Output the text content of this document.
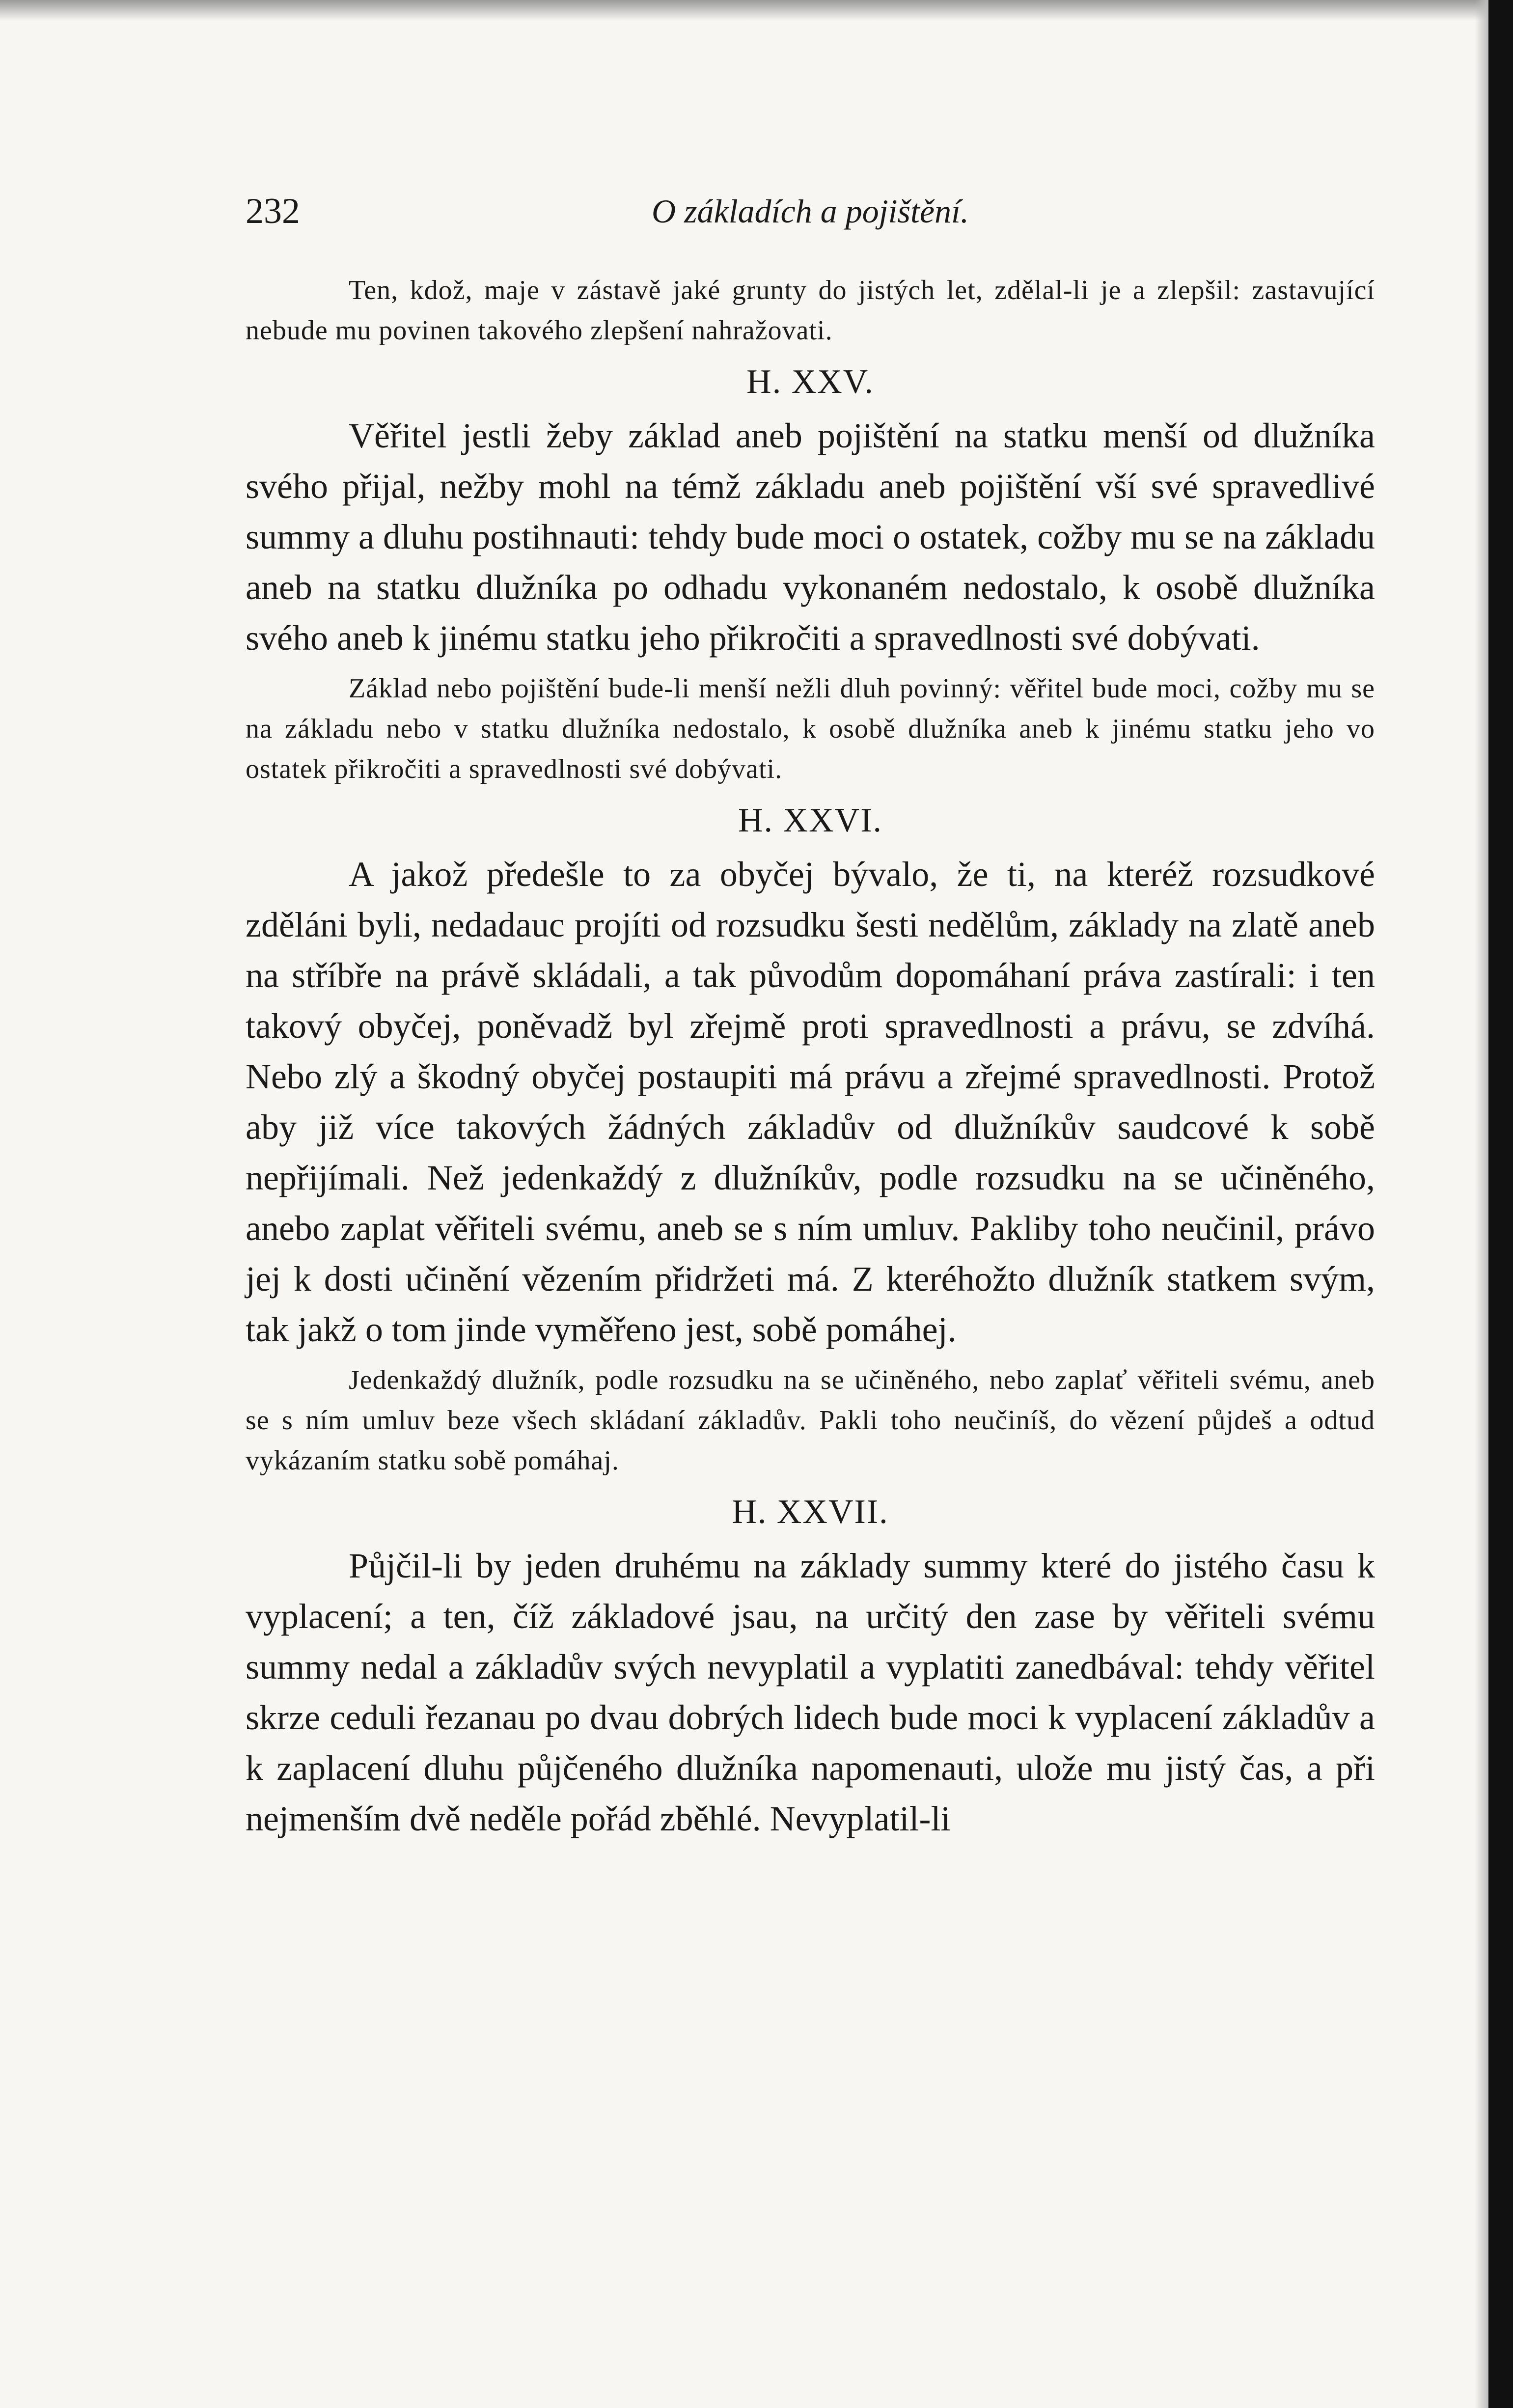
232	O základích a pojištění.

Ten, kdož, maje v zástavě jaké grunty do jistých let, zdělal-li je a zlepšil: zastavující nebude mu povinen takového zlepšení nahražovati.

H. XXV.

Věřitel jestli žeby základ aneb pojištění na statku menší od dlužníka svého přijal, nežby mohl na témž základu aneb pojištění vší své spravedlivé summy a dluhu postihnauti: tehdy bude moci o ostatek, cožby mu se na základu aneb na statku dlužníka po odhadu vykonaném nedostalo, k osobě dlužníka svého aneb k jinému statku jeho přikročiti a spravedlnosti své dobývati.

Základ nebo pojištění bude-li menší nežli dluh povinný: věřitel bude moci, cožby mu se na základu nebo v statku dlužníka nedostalo, k osobě dlužníka aneb k jinému statku jeho vo ostatek přikročiti a spravedlnosti své dobývati.

H. XXVI.

A jakož předešle to za obyčej bývalo, že ti, na kteréž rozsudkové zděláni byli, nedadauc projíti od rozsudku šesti nedělům, základy na zlatě aneb na stříbře na právě skládali, a tak původům dopomáhaní práva zastírali: i ten takový obyčej, poněvadž byl zřejmě proti spravedlnosti a právu, se zdvíhá. Nebo zlý a škodný obyčej postaupiti má právu a zřejmé spravedlnosti. Protož aby již více takových žádných základův od dlužníkův saudcové k sobě nepřijímali. Než jedenkaždý z dlužníkův, podle rozsudku na se učiněného, anebo zaplat věřiteli svému, aneb se s ním umluv. Pakliby toho neučinil, právo jej k dosti učinění vězením přidržeti má. Z kteréhožto dlužník statkem svým, tak jakž o tom jinde vyměřeno jest, sobě pomáhej.

Jedenkaždý dlužník, podle rozsudku na se učiněného, nebo zaplať věřiteli svému, aneb se s ním umluv beze všech skládaní základův. Pakli toho neučiníš, do vězení půjdeš a odtud vykázaním statku sobě pomáhaj.

H. XXVII.

Půjčil-li by jeden druhému na základy summy které do jistého času k vyplacení; a ten, číž základové jsau, na určitý den zase by věřiteli svému summy nedal a základův svých nevyplatil a vyplatiti zanedbával: tehdy věřitel skrze ceduli řezanau po dvau dobrých lidech bude moci k vyplacení základův a k zaplacení dluhu půjčeného dlužníka napomenauti, ulože mu jistý čas, a při nejmenším dvě neděle pořád zběhlé. Nevyplatil-li
